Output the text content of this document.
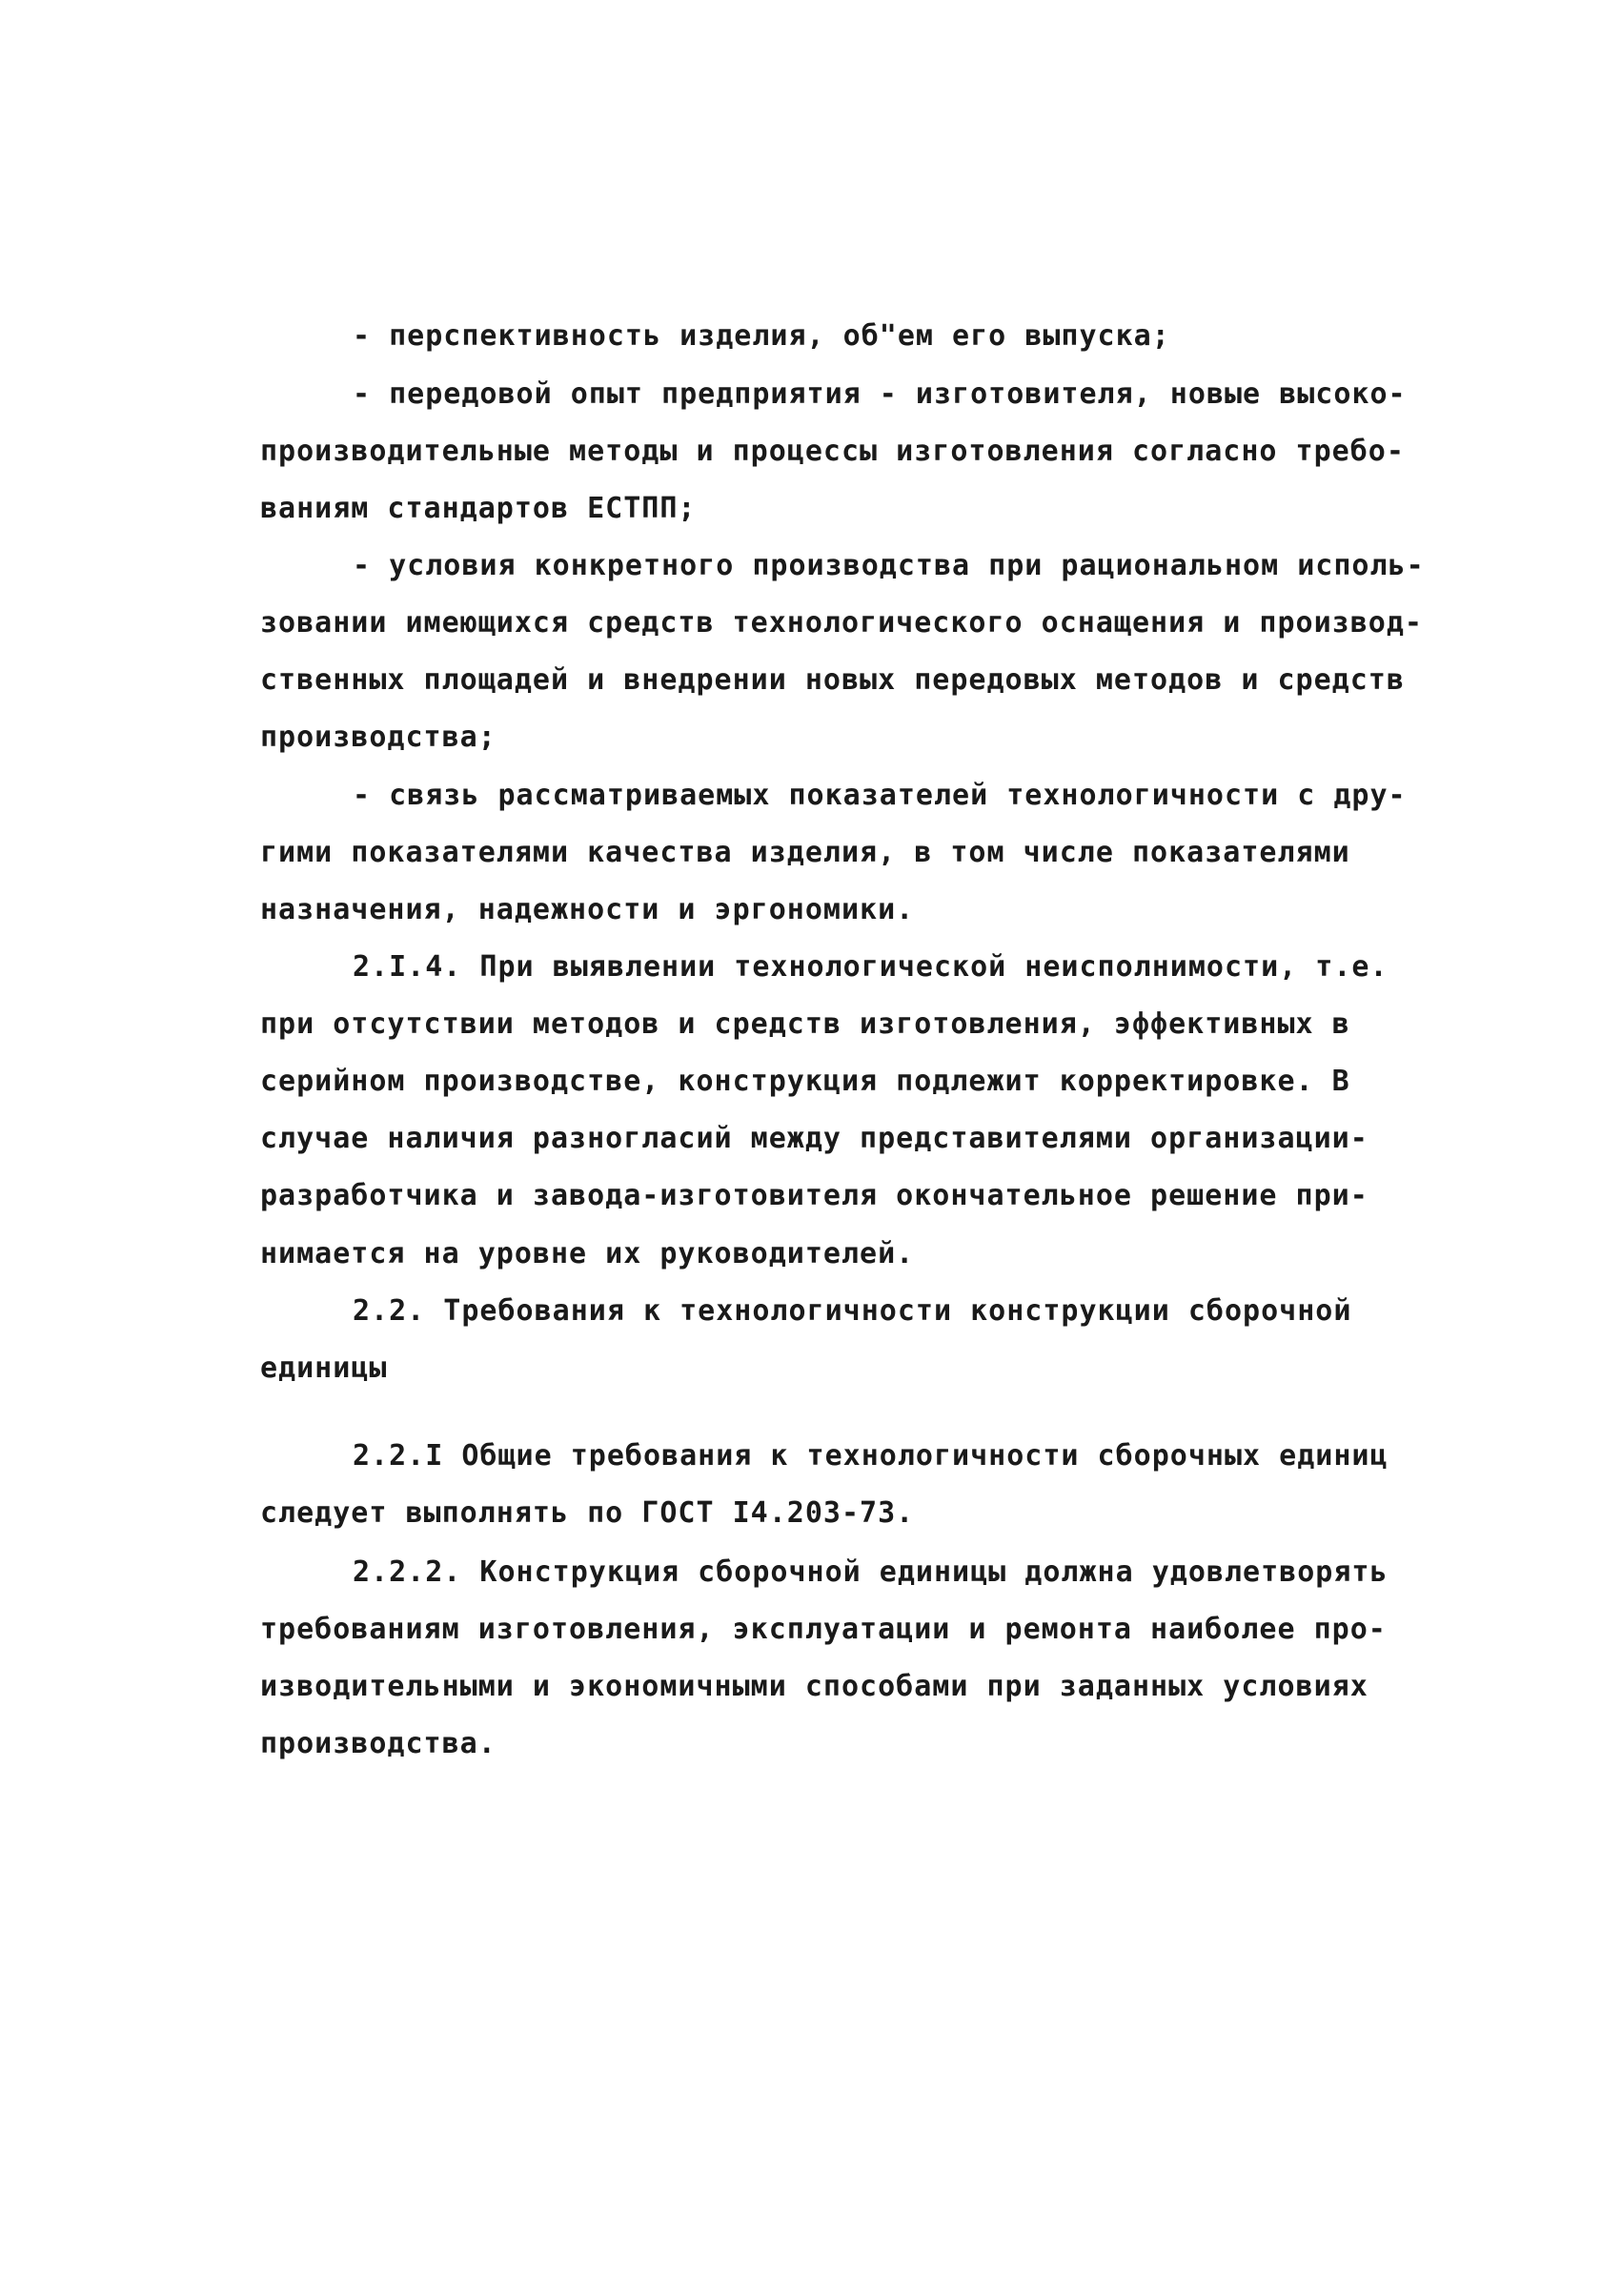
- перспективность изделия, об"ем его выпуска;
- передовой опыт предприятия - изготовителя, новые высоко-
производительные методы и процессы изготовления согласно требо-
ваниям стандартов ЕСТПП;
- условия конкретного производства при рациональном исполь-
зовании имеющихся средств технологического оснащения и производ-
ственных площадей и внедрении новых передовых методов и средств
производства;
- связь рассматриваемых показателей технологичности с дру-
гими показателями качества изделия, в том числе показателями
назначения, надежности и эргономики.
2.I.4. При выявлении технологической неисполнимости, т.е.
при отсутствии методов и средств изготовления, эффективных в
серийном производстве, конструкция подлежит корректировке. В
случае наличия разногласий между представителями организации-
разработчика и завода-изготовителя окончательное решение при-
нимается на уровне их руководителей.
2.2. Требования к технологичности конструкции сборочной
единицы
2.2.I Общие требования к технологичности сборочных единиц
следует выполнять по ГОСТ I4.203-73.
2.2.2. Конструкция сборочной единицы должна удовлетворять
требованиям изготовления, эксплуатации и ремонта наиболее про-
изводительными и экономичными способами при заданных условиях
производства.
